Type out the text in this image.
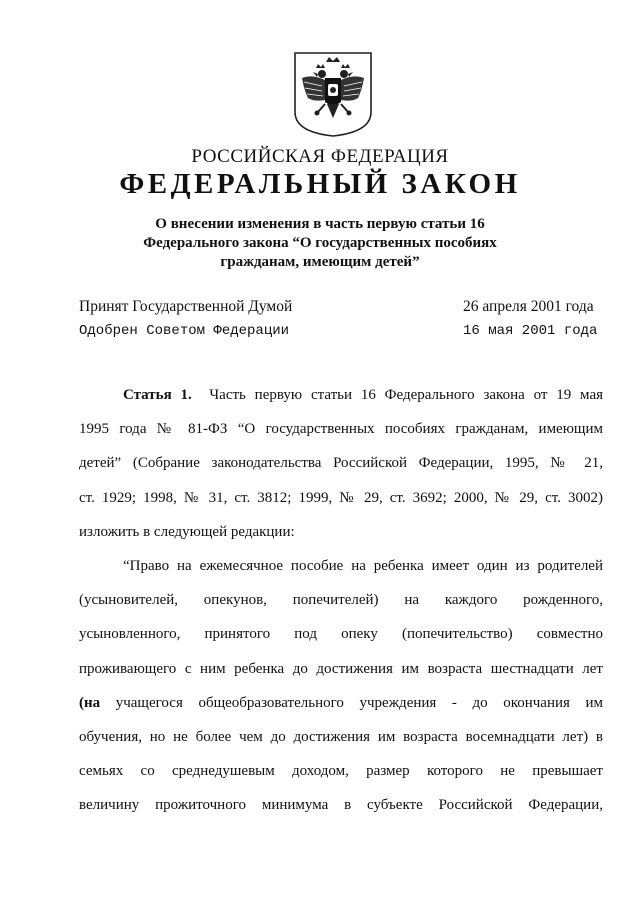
РОССИЙСКАЯ ФЕДЕРАЦИЯ
ФЕДЕРАЛЬНЫЙ ЗАКОН
О внесении изменения в часть первую статьи 16
Федерального закона “О государственных пособиях
гражданам, имеющим детей”
Принят Государственной Думой	26 апреля 2001 года
Одобрен Советом Федерации	16 мая 2001 года
Статья 1. Часть первую статьи 16 Федерального закона от 19 мая
1995 года № 81-ФЗ “О государственных пособиях гражданам, имеющим
детей” (Собрание законодательства Российской Федерации, 1995, № 21,
ст. 1929; 1998, № 31, ст. 3812; 1999, № 29, ст. 3692; 2000, № 29, ст. 3002)
изложить в следующей редакции:
“Право на ежемесячное пособие на ребенка имеет один из родителей
(усыновителей, опекунов, попечителей) на каждого рожденного,
усыновленного, принятого под опеку (попечительство) совместно
проживающего с ним ребенка до достижения им возраста шестнадцати лет
(на учащегося общеобразовательного учреждения - до окончания им
обучения, но не более чем до достижения им возраста восемнадцати лет) в
семьях со среднедушевым доходом, размер которого не превышает
величину прожиточного минимума в субъекте Российской Федерации,
